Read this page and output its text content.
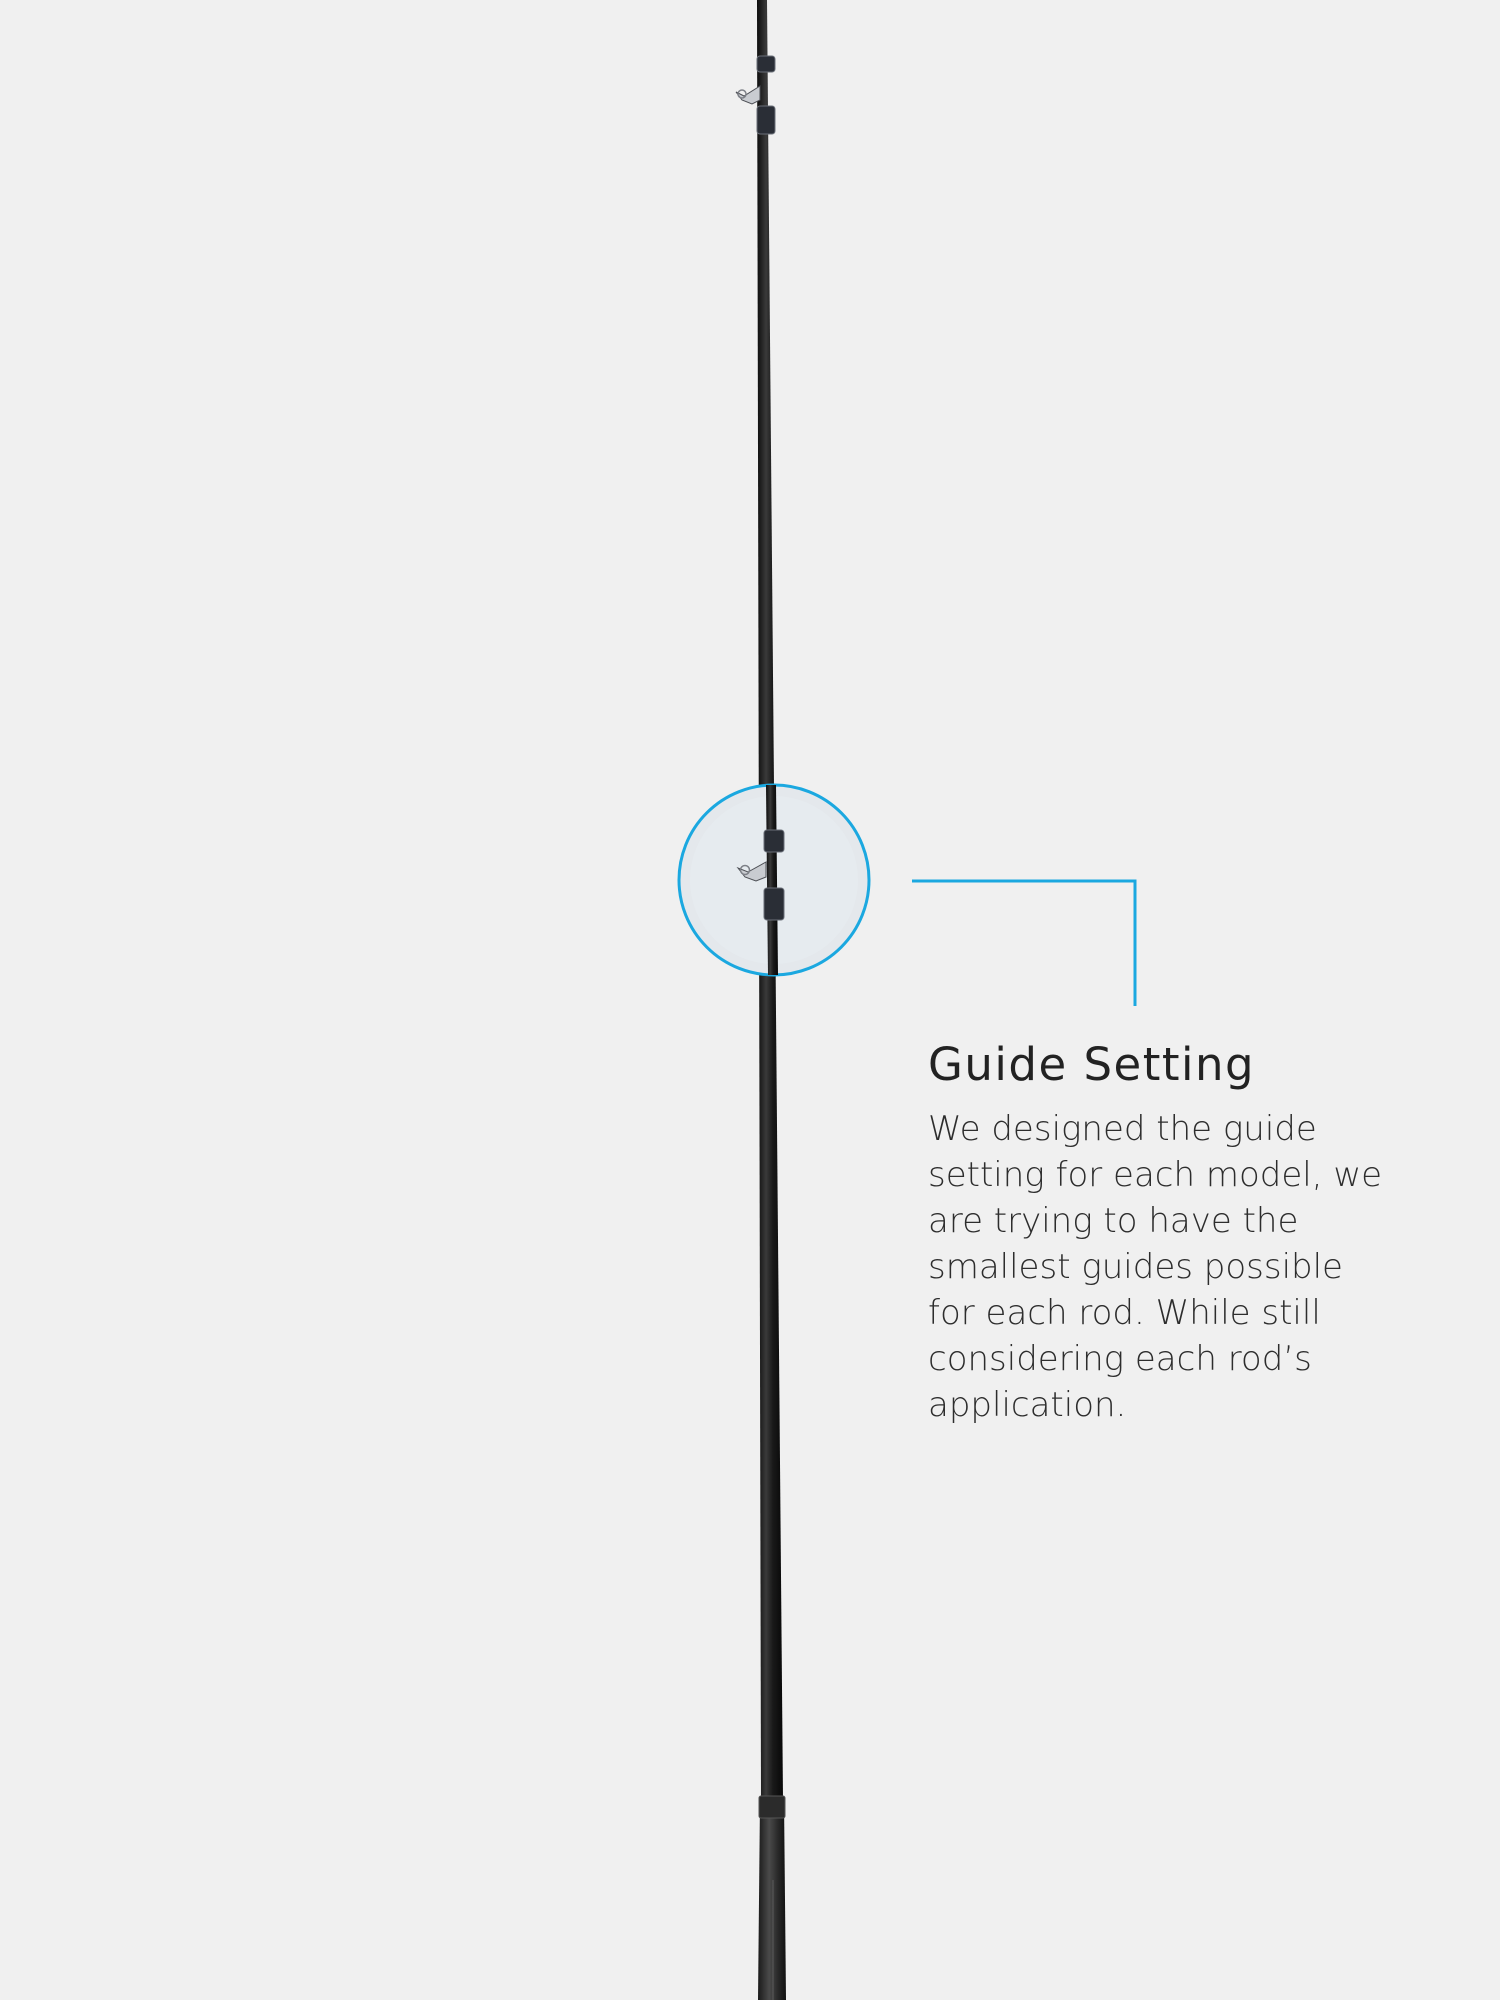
Guide Setting

We designed the guide setting for each model, we are trying to have the smallest guides possible for each rod. While still considering each rod’s application.
